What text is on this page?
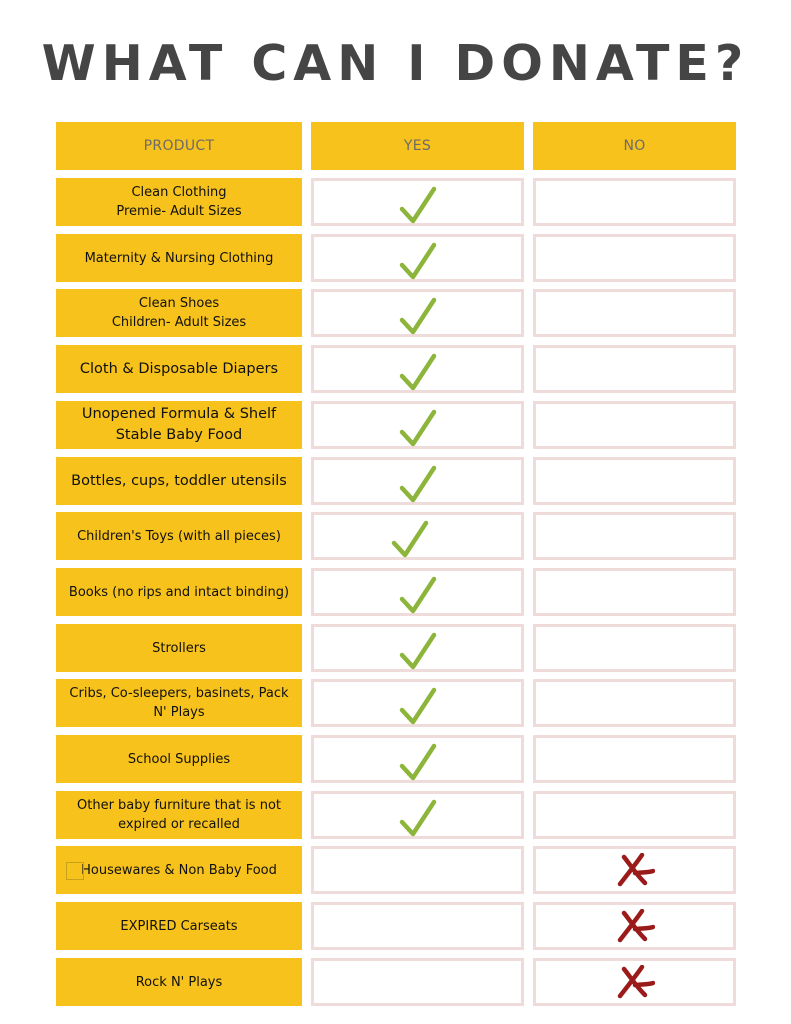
WHAT CAN I DONATE?
PRODUCT	YES	NO
Clean Clothing
Premie- Adult Sizes
Maternity & Nursing Clothing
Clean Shoes
Children- Adult Sizes
Cloth & Disposable Diapers
Unopened Formula & Shelf
Stable Baby Food
Bottles, cups, toddler utensils
Children's Toys (with all pieces)
Books (no rips and intact binding)
Strollers
Cribs, Co-sleepers, basinets, Pack
N' Plays
School Supplies
Other baby furniture that is not
expired or recalled
Housewares & Non Baby Food
EXPIRED Carseats
Rock N' Plays
